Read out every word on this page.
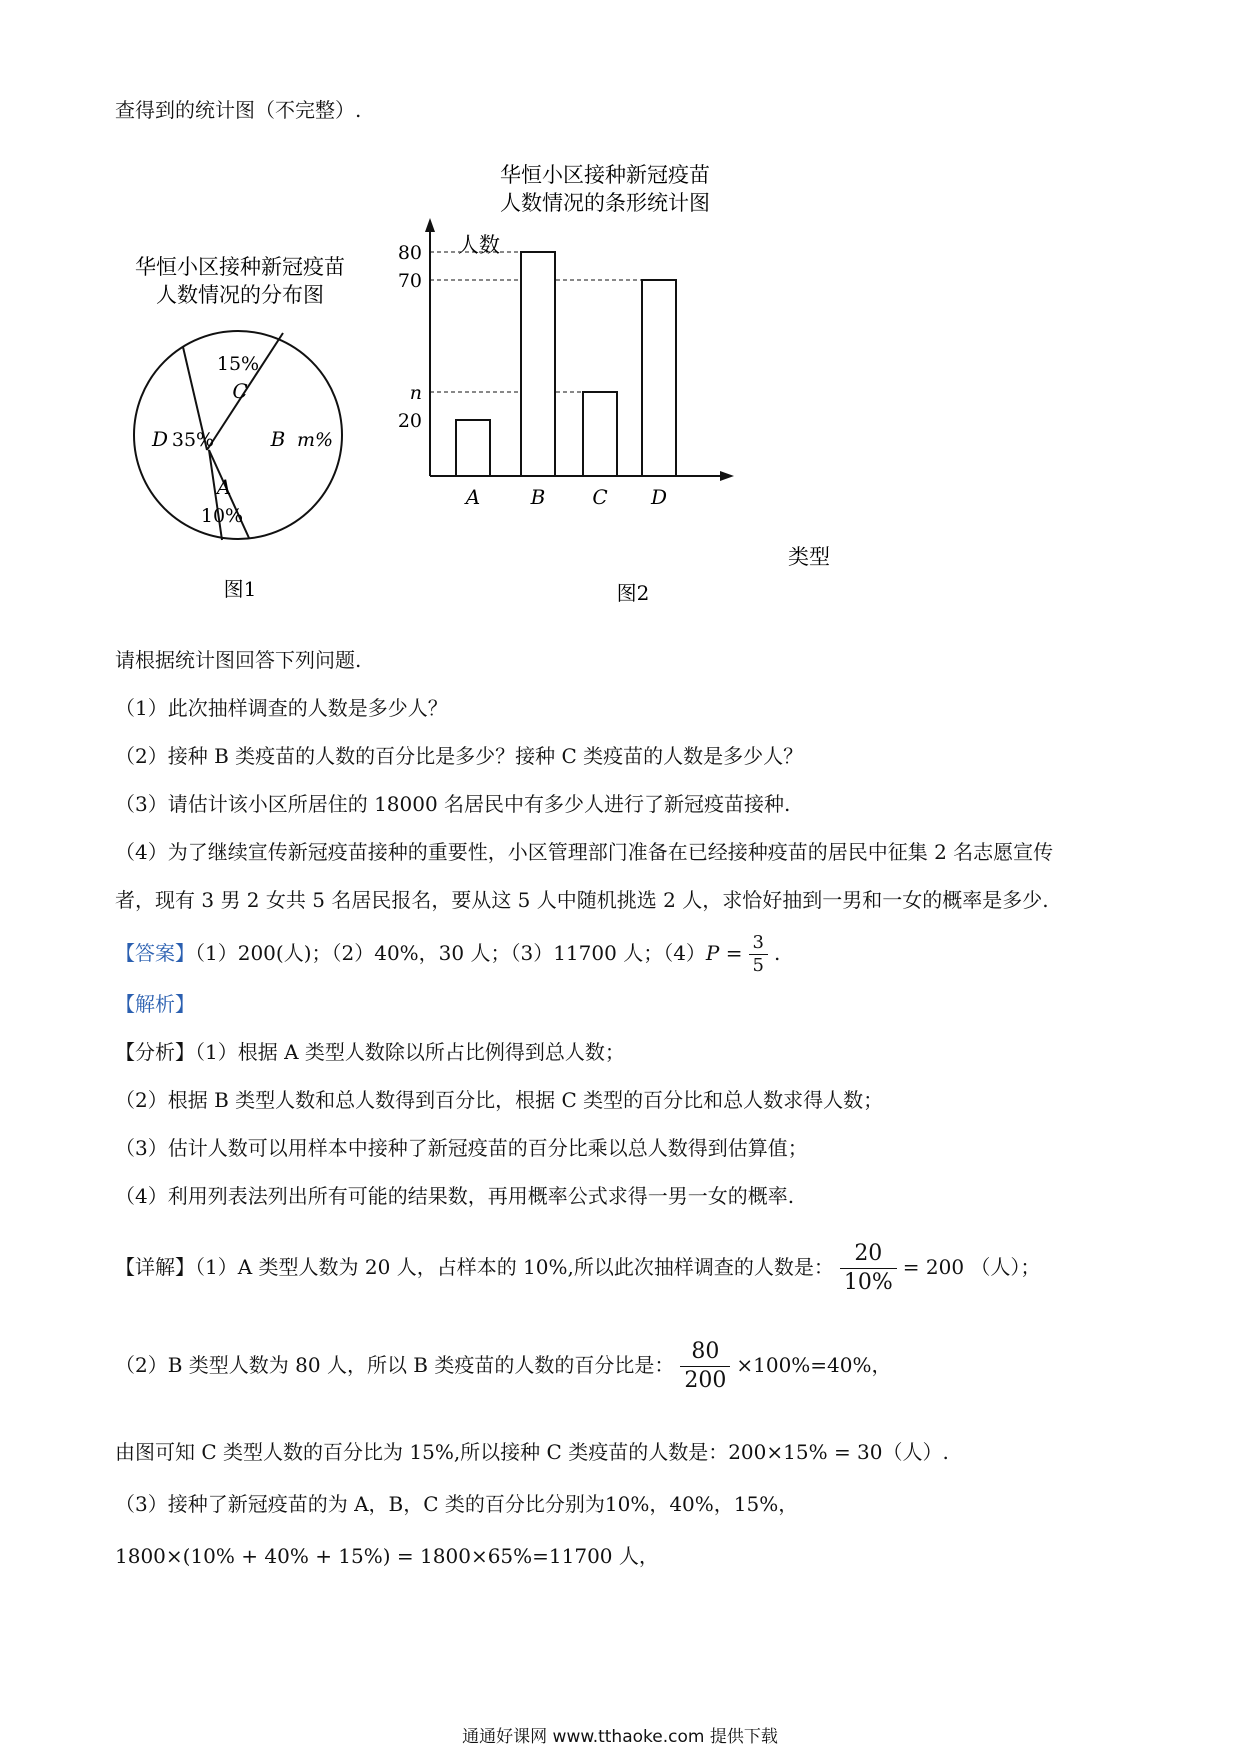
查得到的统计图（不完整）.
华恒小区接种新冠疫苗
人数情况的分布图
15%
C
D 35%	B m%
A
10%
图1
华恒小区接种新冠疫苗
人数情况的条形统计图
20
n
70
80
A	B C D
人数
类型
图2
请根据统计图回答下列问题.
（1）此次抽样调查的人数是多少人？
（2）接种 B 类疫苗的人数的百分比是多少？接种 C 类疫苗的人数是多少人？
（3）请估计该小区所居住的 18000 名居民中有多少人进行了新冠疫苗接种.
（4）为了继续宣传新冠疫苗接种的重要性，小区管理部门准备在已经接种疫苗的居民中征集 2 名志愿宣传
者，现有 3 男 2 女共 5 名居民报名，要从这 5 人中随机挑选 2 人，求恰好抽到一男和一女的概率是多少.
【答案】（1）200(人)；（2）40%，30 人；（3）11700 人；$(4)P = \frac{3}{5}$ .
【解析】
【分析】（1）根据 A 类型人数除以所占比例得到总人数；
（2）根据 B 类型人数和总人数得到百分比，根据 C 类型的百分比和总人数求得人数；
（3）估计人数可以用样本中接种了新冠疫苗的百分比乘以总人数得到估算值；
（4）利用列表法列出所有可能的结果数，再用概率公式求得一男一女的概率.
【详解】（1）A 类型人数为 20 人，占样本的 10%,所以此次抽样调查的人数是： $\frac{20}{10\%} = 200$ （人）；
（2）B 类型人数为 80 人，所以 B 类疫苗的人数的百分比是： $\frac{80}{200} \times 100\%=40\%$，
由图可知 C 类型人数的百分比为 15%,所以接种 C 类疫苗的人数是：200×15% = 30（人）.
（3）接种了新冠疫苗的为 A，B，C 类的百分比分别为10%，40%，15%，
1800×(10% + 40% + 15%) = 1800×65%=11700 人，
通通好课网 www.tthaoke.com 提供下载
